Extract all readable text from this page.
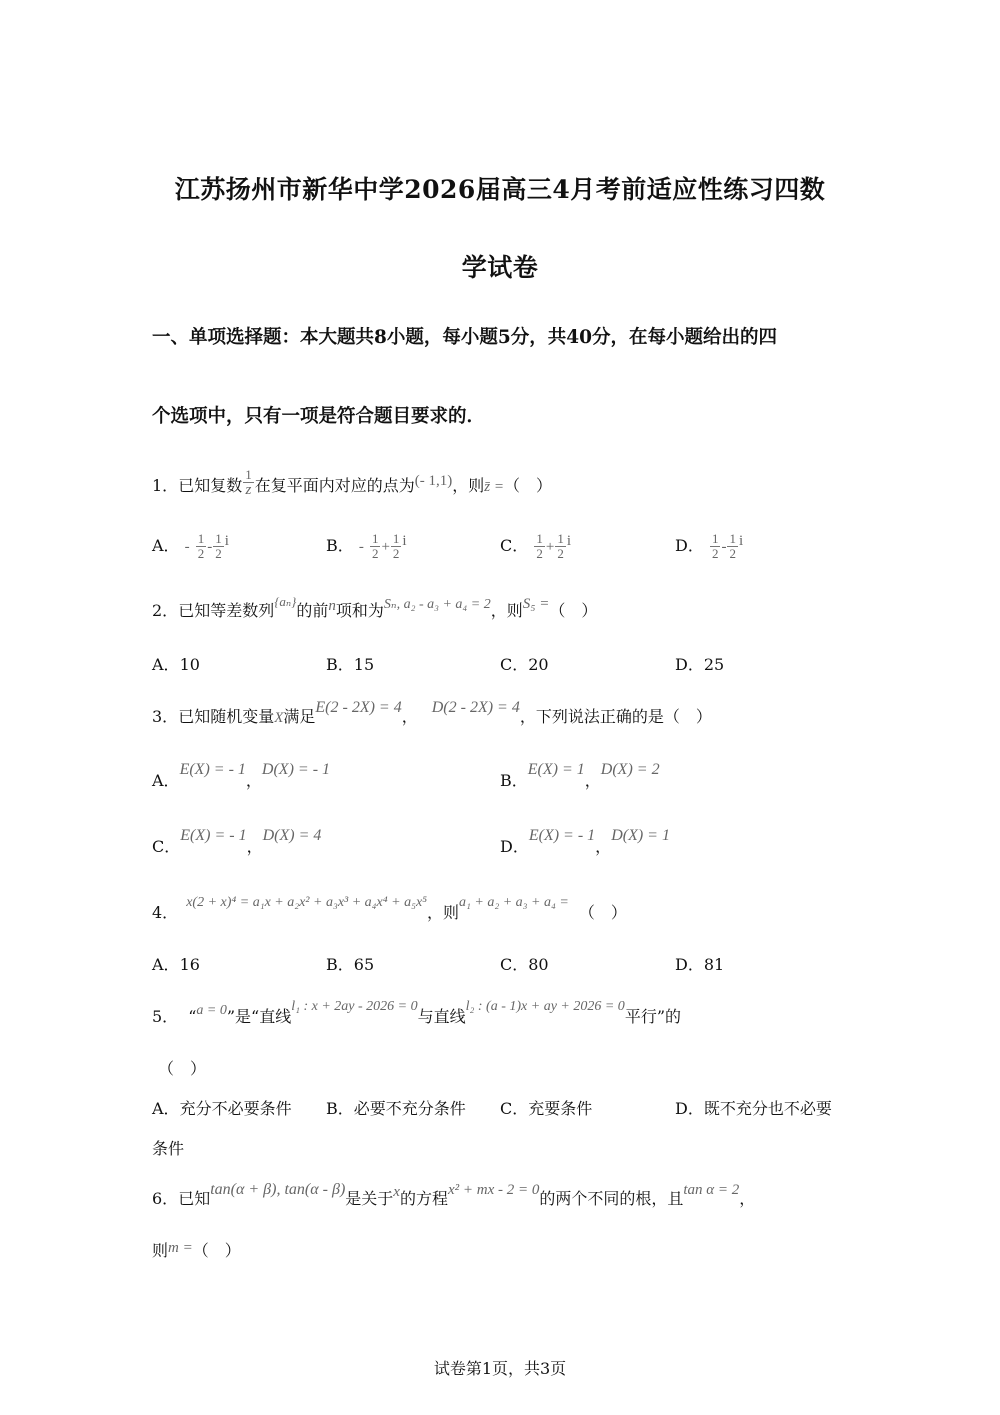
江苏扬州市新华中学2026届高三4月考前适应性练习四数
学试卷
一、单项选择题：本大题共8小题，每小题5分，共40分，在每小题给出的四
个选项中，只有一项是符合题目要求的．
1．已知复数 $\frac{1}{z}$ 在复平面内对应的点为(- 1,1)，则z̄ =（　）
A． - $\frac{1}{2} - \frac{1}{2}$ i	B． - $\frac{1}{2} + \frac{1}{2}$ i	C． $\frac{1}{2} + \frac{1}{2}$ i	D． $\frac{1}{2} - \frac{1}{2}$ i
2．已知等差数列$^{\{a_n\}}$的前n项和为Sₙ, a₂ - a₃ + a₄ = 2，则S₅ =（　）
A．10	B．15	C．20	D．25
3．已知随机变量X满足E(2 - 2X) = 4， D(2 - 2X) = 4，下列说法正确的是（　）
A．E(X) = - 1，D(X) = - 1
B．E(X) = 1，D(X) = 2
C．E(X) = - 1，D(X) = 4
D．E(X) = - 1，D(X) = 1
4．x(2 + x)⁴ = a₁x + a₂x² + a₃x³ + a₄x⁴ + a₅x⁵，则a₁ + a₂ + a₃ + a₄ =（　）
A．16	B．65	C．80	D．81
5． “a = 0”是“直线l₁ : x + 2ay - 2026 = 0与直线l₂ : (a - 1)x + ay + 2026 = 0平行”的
（　）
A．充分不必要条件 B．必要不充分条件 C．充要条件	D．既不充分也不必要
条件
6．已知tan(α + β), tan(α - β)是关于x的方程x² + mx - 2 = 0的两个不同的根，且tan α = 2，
则m =（　）
试卷第1页，共3页
